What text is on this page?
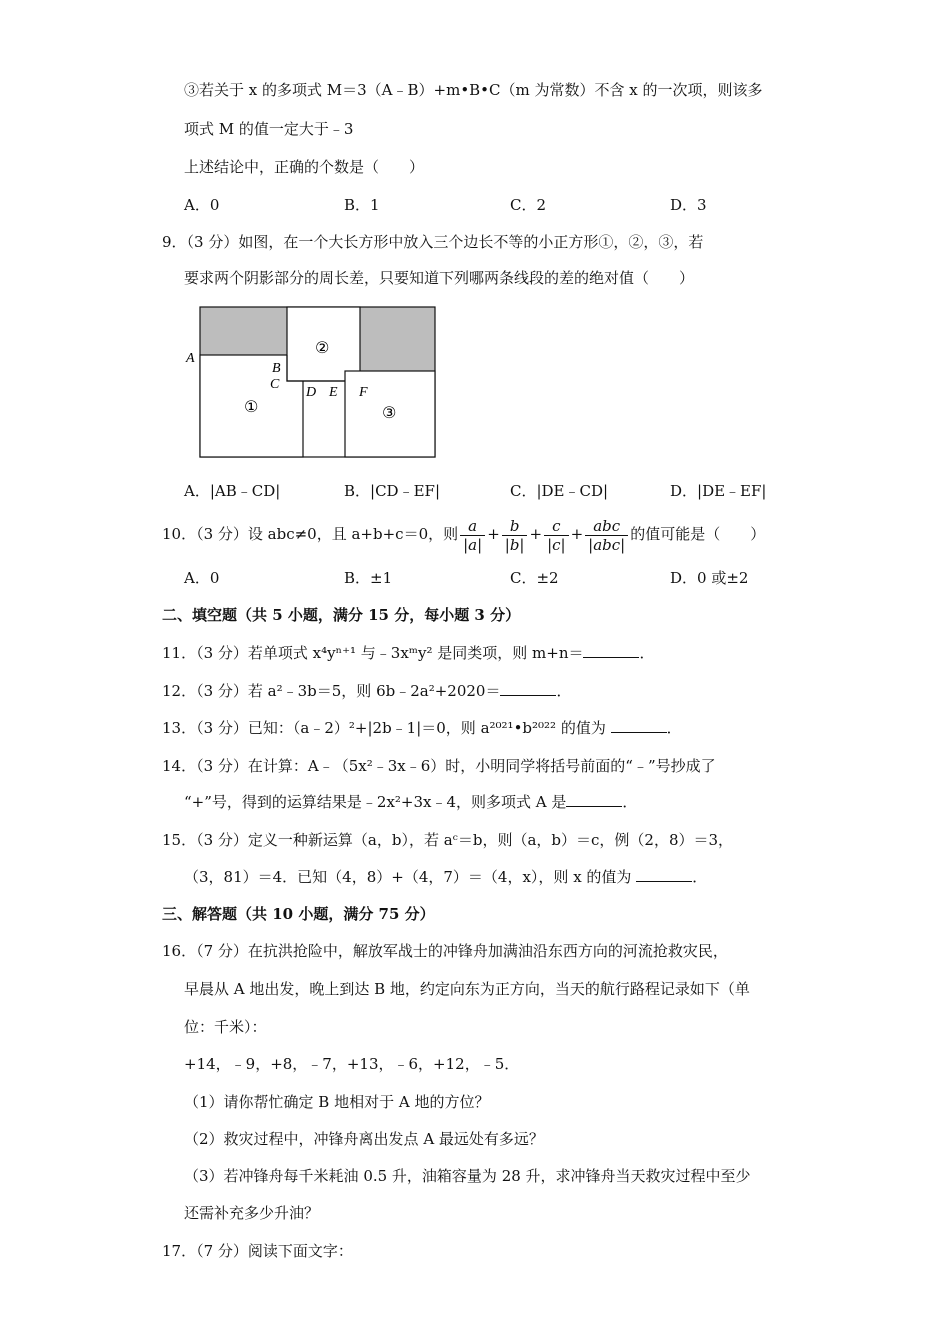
③若关于 x 的多项式 M＝3（A﹣B）+m•B•C（m 为常数）不含 x 的一次项，则该多
项式 M 的值一定大于﹣3
上述结论中，正确的个数是（　　）
A．0	B．1	C．2	D．3
9．（3 分）如图，在一个大长方形中放入三个边长不等的小正方形①，②，③，若
要求两个阴影部分的周长差，只要知道下列哪两条线段的差的绝对值（　　）
A
B
C
D E F
①
②
③
A．|AB﹣CD|	B．|CD﹣EF|	C．|DE﹣CD|	D．|DE﹣EF|
10．（3 分）设 abc≠0，且 a+b+c＝0，则 $\frac{a}{|a|} + \frac{b}{|b|} + \frac{c}{|c|} + \frac{\text{abc}}{\text{|abc|}}$ 的值可能是（　　）
A．0	B．±1	C．±2	D．0 或±2
二、填空题（共 5 小题，满分 15 分，每小题 3 分）
11．（3 分）若单项式 x⁴yⁿ⁺¹ 与﹣3xᵐy² 是同类项，则 m+n＝	．
12．（3 分）若 a²﹣3b＝5，则 6b﹣2a²+2020＝	．
13．（3 分）已知：（a﹣2）²+|2b﹣1|＝0，则 a²⁰²¹•b²⁰²² 的值为	．
14．（3 分）在计算：A﹣（5x²﹣3x﹣6）时，小明同学将括号前面的“﹣”号抄成了
“+”号，得到的运算结果是﹣2x²+3x﹣4，则多项式 A 是	．
15．（3 分）定义一种新运算（a，b），若 aᶜ＝b，则（a，b）＝c，例（2，8）＝3，
（3，81）＝4．已知（4，8）+（4，7）＝（4，x），则 x 的值为	．
三、解答题（共 10 小题，满分 75 分）
16．（7 分）在抗洪抢险中，解放军战士的冲锋舟加满油沿东西方向的河流抢救灾民，
早晨从 A 地出发，晚上到达 B 地，约定向东为正方向，当天的航行路程记录如下（单
位：千米）：
+14，﹣9，+8，﹣7，+13，﹣6，+12，﹣5．
（1）请你帮忙确定 B 地相对于 A 地的方位？
（2）救灾过程中，冲锋舟离出发点 A 最远处有多远？
（3）若冲锋舟每千米耗油 0.5 升，油箱容量为 28 升，求冲锋舟当天救灾过程中至少
还需补充多少升油？
17．（7 分）阅读下面文字：
